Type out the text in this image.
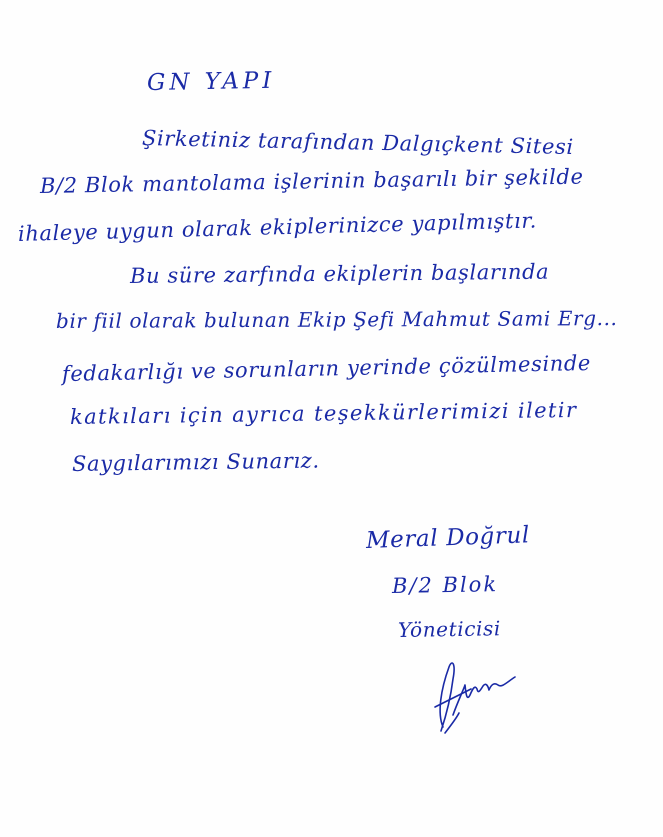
GN YAPI
Şirketiniz tarafından Dalgıçkent Sitesi
B/2 Blok mantolama işlerinin başarılı bir şekilde
ihaleye uygun olarak ekiplerinizce yapılmıştır.
Bu süre zarfında ekiplerin başlarında
bir fiil olarak bulunan Ekip Şefi Mahmut Sami Erg...
fedakarlığı ve sorunların yerinde çözülmesinde
katkıları için ayrıca teşekkürlerimizi iletir
Saygılarımızı Sunarız.
Meral Doğrul
B/2 Blok
Yöneticisi
